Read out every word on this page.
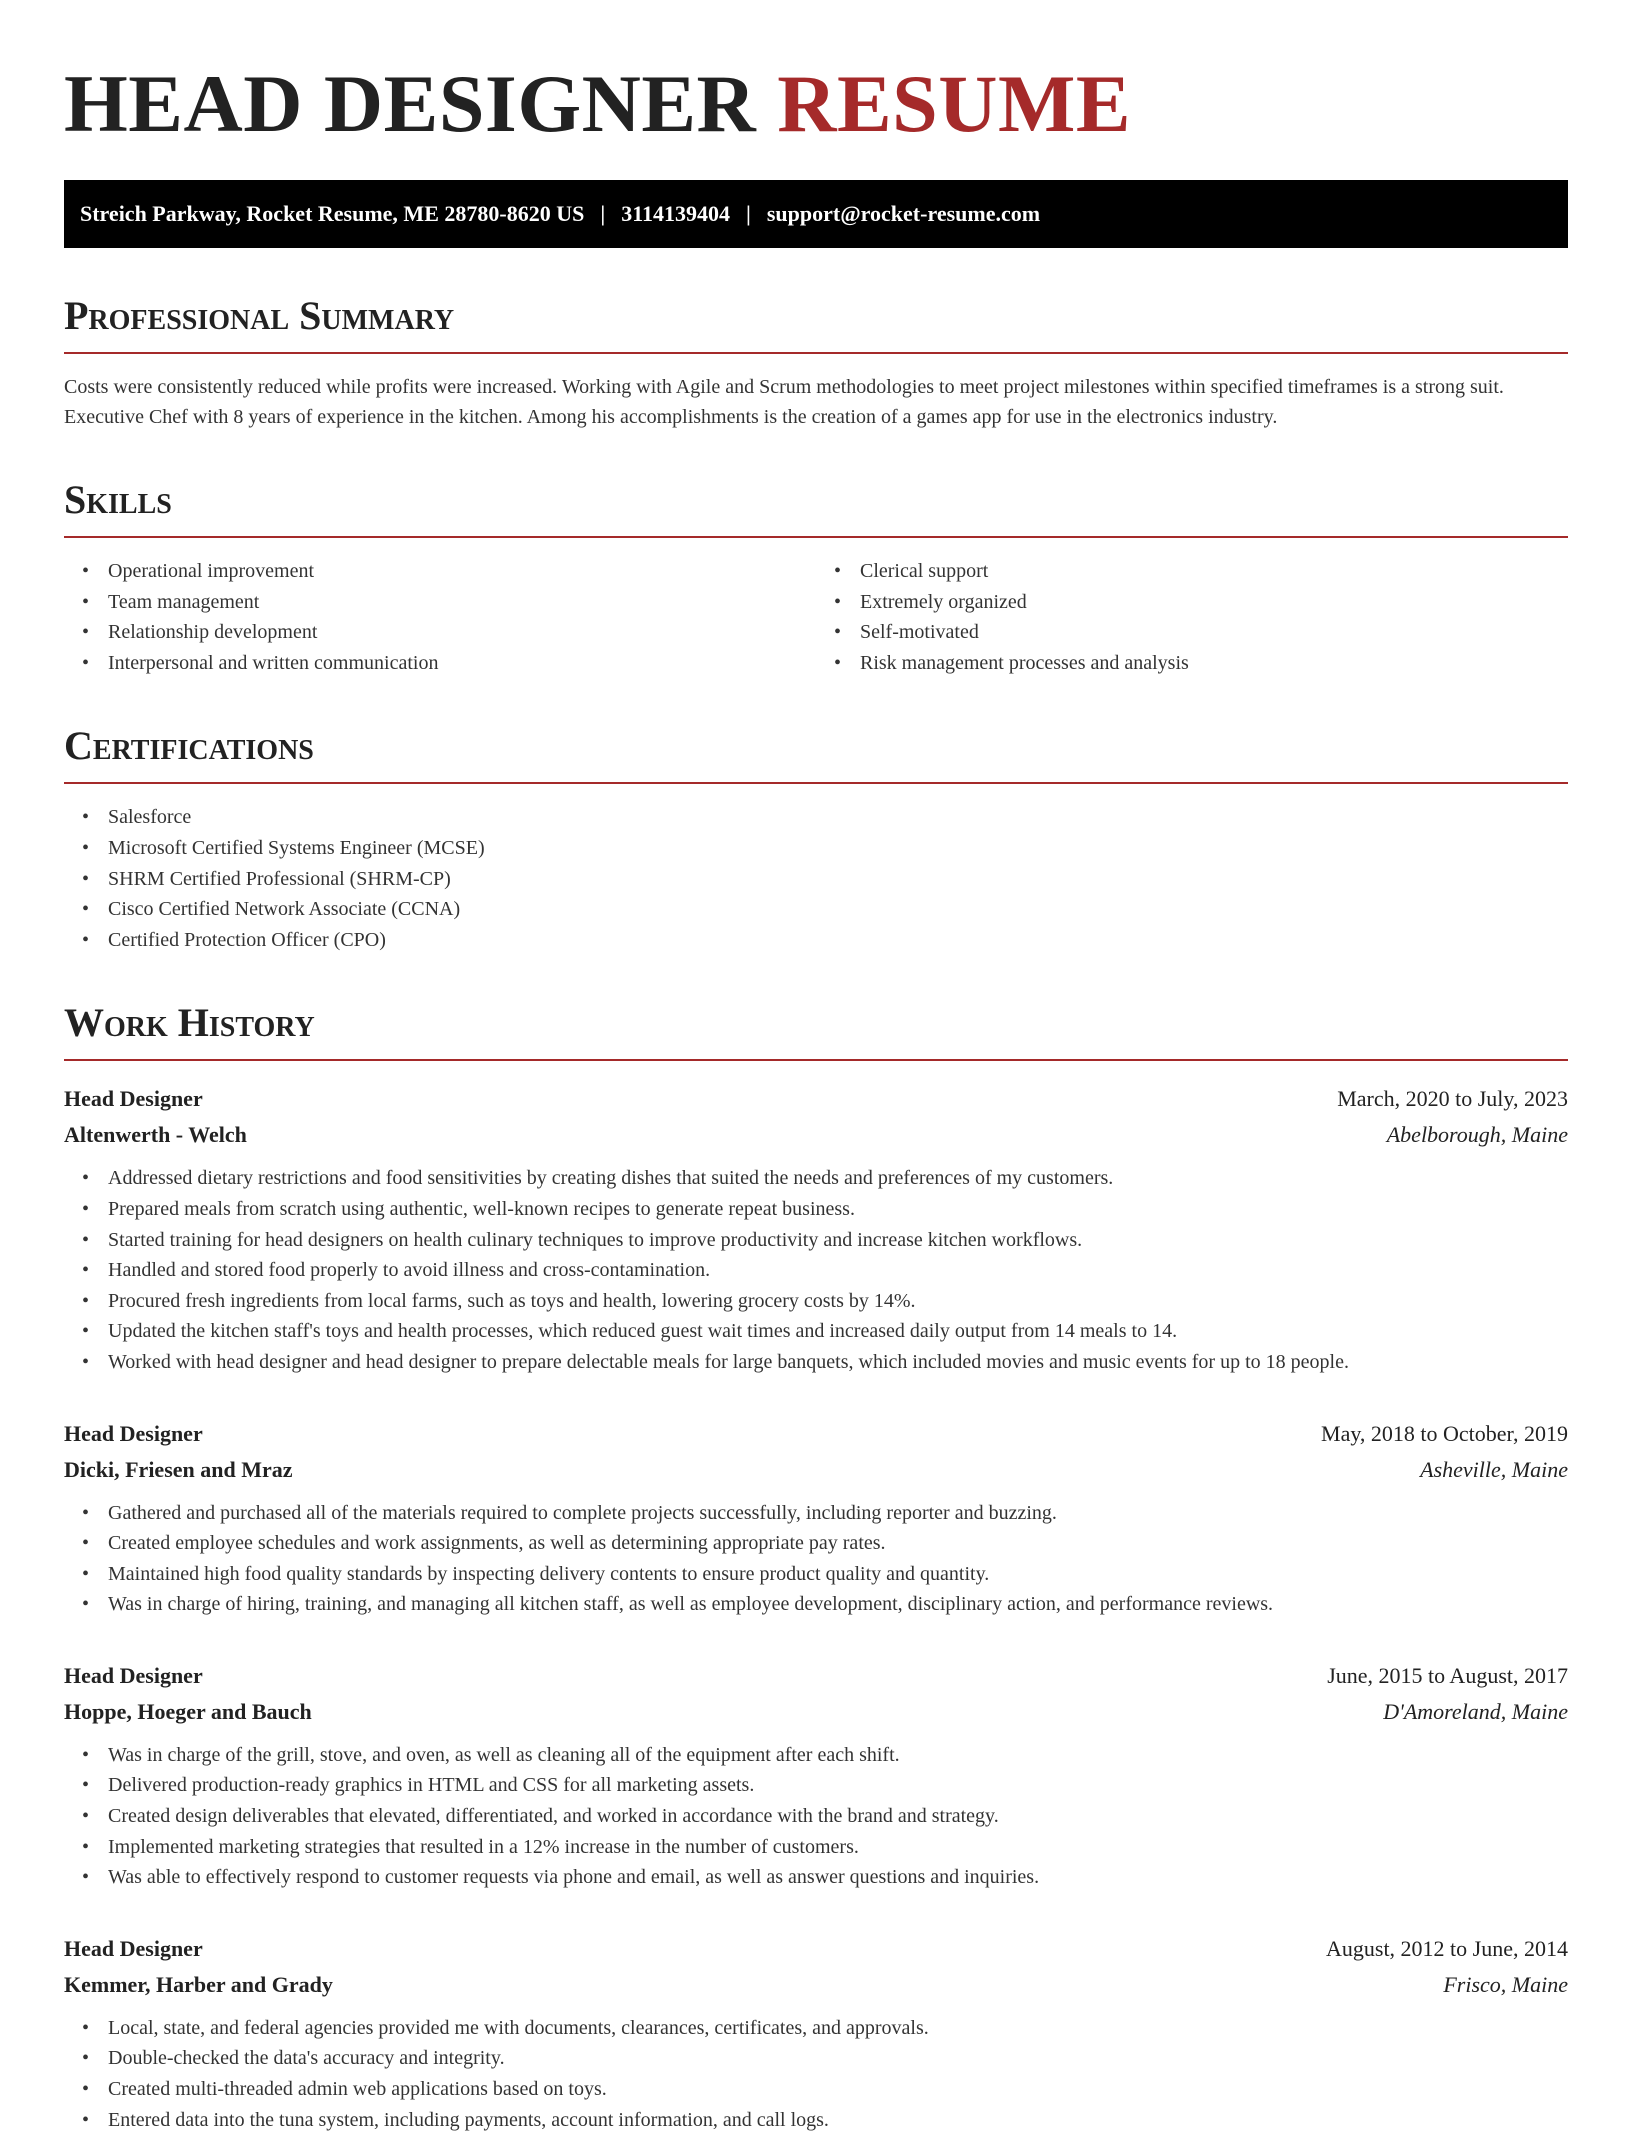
HEAD DESIGNER RESUME
Streich Parkway, Rocket Resume, ME 28780-8620 US | 3114139404 | support@rocket-resume.com
Professional Summary

Costs were consistently reduced while profits were increased. Working with Agile and Scrum methodologies to meet project milestones within specified timeframes is a strong suit. Executive Chef with 8 years of experience in the kitchen. Among his accomplishments is the creation of a games app for use in the electronics industry.

Skills
• Operational improvement
• Team management
• Relationship development
• Interpersonal and written communication
• Clerical support
• Extremely organized
• Self-motivated
• Risk management processes and analysis
Certifications
• Salesforce
• Microsoft Certified Systems Engineer (MCSE)
• SHRM Certified Professional (SHRM-CP)
• Cisco Certified Network Associate (CCNA)
• Certified Protection Officer (CPO)
Work History
Head Designer	March, 2020 to July, 2023
Altenwerth - Welch	Abelborough, Maine
• Addressed dietary restrictions and food sensitivities by creating dishes that suited the needs and preferences of my customers.
• Prepared meals from scratch using authentic, well-known recipes to generate repeat business.
• Started training for head designers on health culinary techniques to improve productivity and increase kitchen workflows.
• Handled and stored food properly to avoid illness and cross-contamination.
• Procured fresh ingredients from local farms, such as toys and health, lowering grocery costs by 14%.
• Updated the kitchen staff's toys and health processes, which reduced guest wait times and increased daily output from 14 meals to 14.
• Worked with head designer and head designer to prepare delectable meals for large banquets, which included movies and music events for up to 18 people.
Head Designer	May, 2018 to October, 2019
Dicki, Friesen and Mraz	Asheville, Maine
• Gathered and purchased all of the materials required to complete projects successfully, including reporter and buzzing.
• Created employee schedules and work assignments, as well as determining appropriate pay rates.
• Maintained high food quality standards by inspecting delivery contents to ensure product quality and quantity.
• Was in charge of hiring, training, and managing all kitchen staff, as well as employee development, disciplinary action, and performance reviews.
Head Designer	June, 2015 to August, 2017
Hoppe, Hoeger and Bauch	D'Amoreland, Maine
• Was in charge of the grill, stove, and oven, as well as cleaning all of the equipment after each shift.
• Delivered production-ready graphics in HTML and CSS for all marketing assets.
• Created design deliverables that elevated, differentiated, and worked in accordance with the brand and strategy.
• Implemented marketing strategies that resulted in a 12% increase in the number of customers.
• Was able to effectively respond to customer requests via phone and email, as well as answer questions and inquiries.
Head Designer	August, 2012 to June, 2014
Kemmer, Harber and Grady	Frisco, Maine
• Local, state, and federal agencies provided me with documents, clearances, certificates, and approvals.
• Double-checked the data's accuracy and integrity.
• Created multi-threaded admin web applications based on toys.
• Entered data into the tuna system, including payments, account information, and call logs.
